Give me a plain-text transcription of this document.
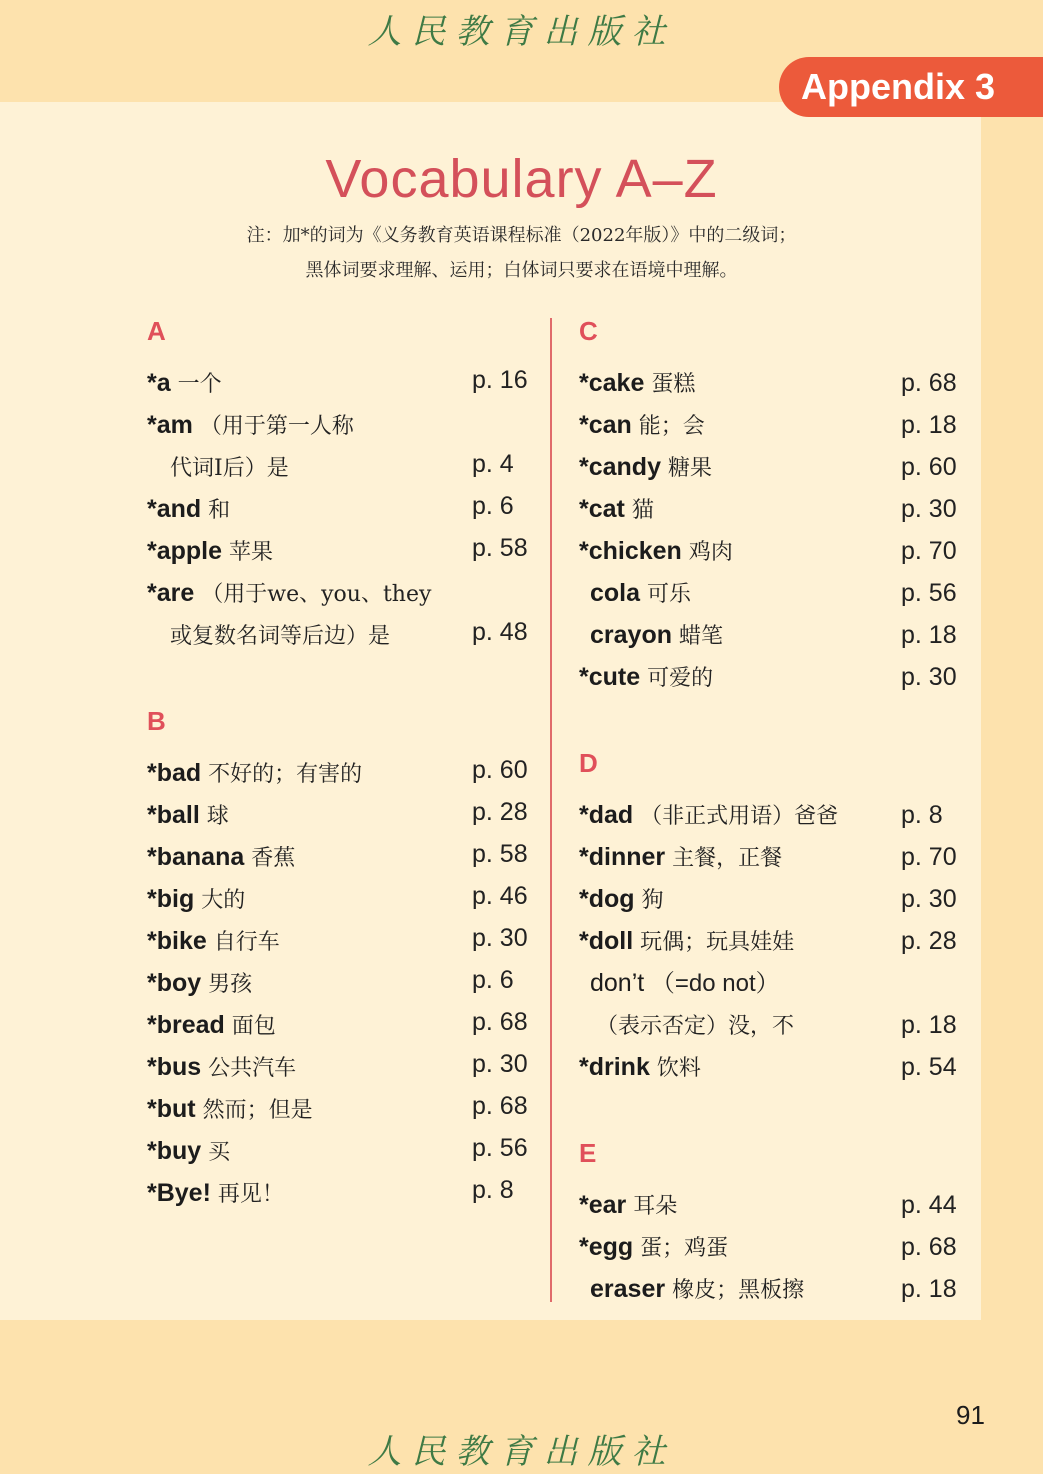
人民教育出版社
Appendix 3
Vocabulary A–Z
注：加*的词为《义务教育英语课程标准（2022年版）》中的二级词；
黑体词要求理解、运用；白体词只要求在语境中理解。
A
*a 一个	p. 16
*am （用于第一人称
代词I后）是	p. 4
*and 和	p. 6
*apple 苹果	p. 58
*are （用于we、you、they
或复数名词等后边）是	p. 48
B
*bad 不好的；有害的	p. 60
*ball 球	p. 28
*banana 香蕉	p. 58
*big 大的	p. 46
*bike 自行车	p. 30
*boy 男孩	p. 6
*bread 面包	p. 68
*bus 公共汽车	p. 30
*but 然而；但是	p. 68
*buy 买	p. 56
*Bye! 再见！	p. 8
C
*cake 蛋糕	p. 68
*can 能；会	p. 18
*candy 糖果	p. 60
*cat 猫	p. 30
*chicken 鸡肉	p. 70
cola 可乐	p. 56
crayon 蜡笔	p. 18
*cute 可爱的	p. 30
D
*dad （非正式用语）爸爸	p. 8
*dinner 主餐，正餐	p. 70
*dog 狗	p. 30
*doll 玩偶；玩具娃娃	p. 28
don’t （=do not）
（表示否定）没，不	p. 18
*drink 饮料	p. 54
E
*ear 耳朵	p. 44
*egg 蛋；鸡蛋	p. 68
eraser 橡皮；黑板擦	p. 18
91
人民教育出版社
